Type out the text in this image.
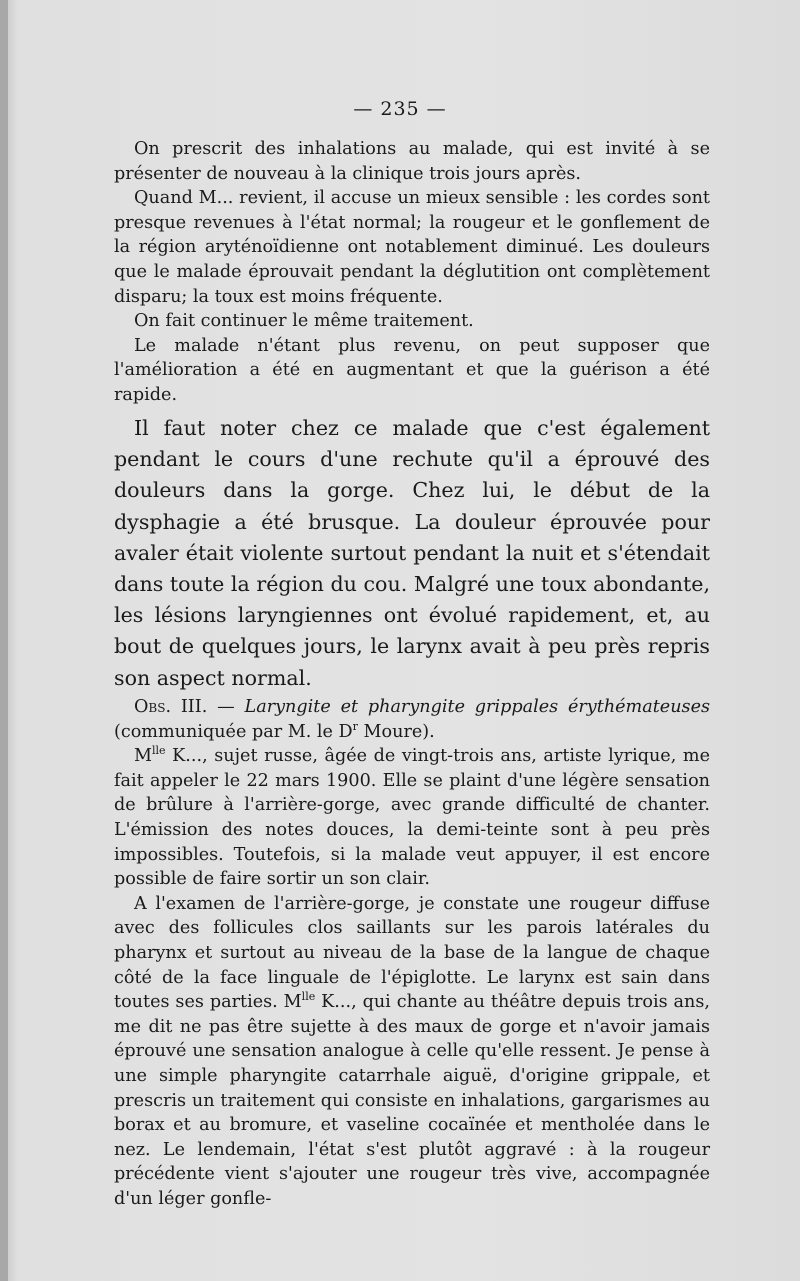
— 235 —

On prescrit des inhalations au malade, qui est invité à se présenter de nouveau à la clinique trois jours après.

Quand M... revient, il accuse un mieux sensible : les cordes sont presque revenues à l'état normal; la rougeur et le gonflement de la région aryténoïdienne ont notablement diminué. Les douleurs que le malade éprouvait pendant la déglutition ont complètement disparu; la toux est moins fréquente.

On fait continuer le même traitement.

Le malade n'étant plus revenu, on peut supposer que l'amélioration a été en augmentant et que la guérison a été rapide.

Il faut noter chez ce malade que c'est également pendant le cours d'une rechute qu'il a éprouvé des douleurs dans la gorge. Chez lui, le début de la dysphagie a été brusque. La douleur éprouvée pour avaler était violente surtout pendant la nuit et s'étendait dans toute la région du cou. Malgré une toux abondante, les lésions laryngiennes ont évolué rapidement, et, au bout de quelques jours, le larynx avait à peu près repris son aspect normal.

Obs. III. — Laryngite et pharyngite grippales érythémateuses (communiquée par M. le $D^r$ Moure).

$M^{lle}$ K..., sujet russe, âgée de vingt-trois ans, artiste lyrique, me fait appeler le 22 mars 1900. Elle se plaint d'une légère sensation de brûlure à l'arrière-gorge, avec grande difficulté de chanter. L'émission des notes douces, la demi-teinte sont à peu près impossibles. Toutefois, si la malade veut appuyer, il est encore possible de faire sortir un son clair.

A l'examen de l'arrière-gorge, je constate une rougeur diffuse avec des follicules clos saillants sur les parois latérales du pharynx et surtout au niveau de la base de la langue de chaque côté de la face linguale de l'épiglotte. Le larynx est sain dans toutes ses parties. $M^{lle}$ K..., qui chante au théâtre depuis trois ans, me dit ne pas être sujette à des maux de gorge et n'avoir jamais éprouvé une sensation analogue à celle qu'elle ressent. Je pense à une simple pharyngite catarrhale aiguë, d'origine grippale, et prescris un traitement qui consiste en inhalations, gargarismes au borax et au bromure, et vaseline cocaïnée et mentholée dans le nez. Le lendemain, l'état s'est plutôt aggravé : à la rougeur précédente vient s'ajouter une rougeur très vive, accompagnée d'un léger gonfle-
